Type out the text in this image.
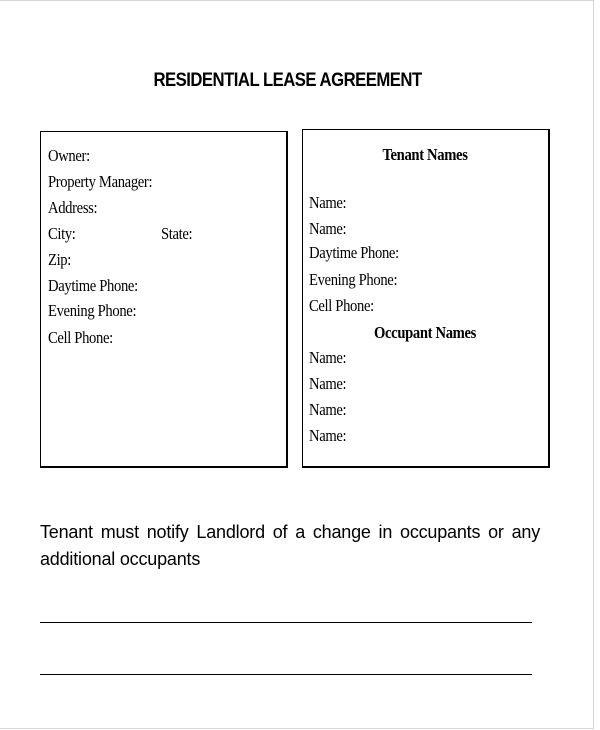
RESIDENTIAL LEASE AGREEMENT
Owner:
Property Manager:
Address:
City:	State:
Zip:
Daytime Phone:
Evening Phone:
Cell Phone:
Tenant Names
Name:
Name:
Daytime Phone:
Evening Phone:
Cell Phone:
Occupant Names
Name:
Name:
Name:
Name:
Tenant must notify Landlord of a change in occupants or any additional occupants
